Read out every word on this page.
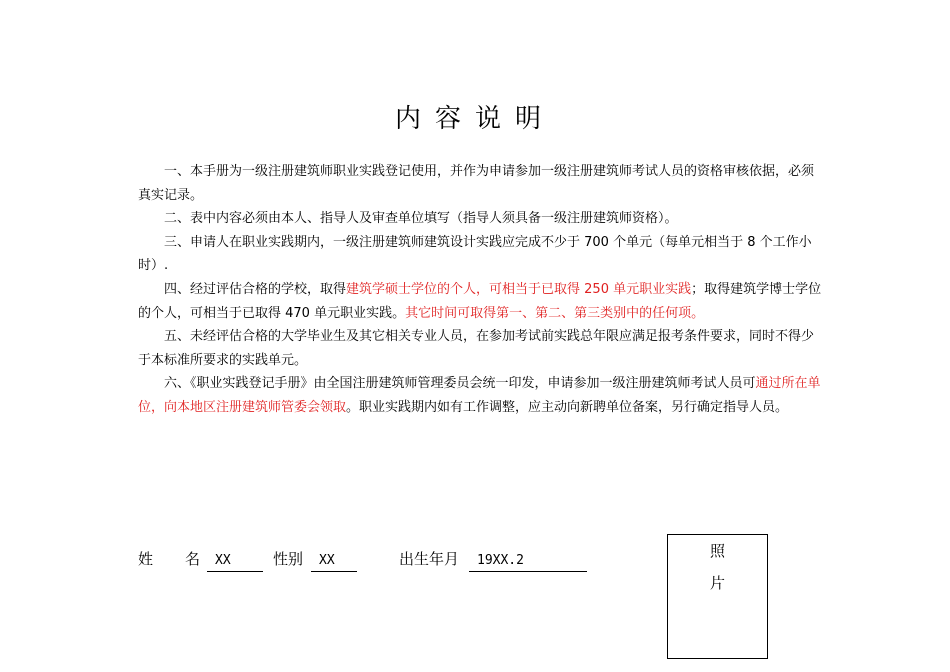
内容说明

一、本手册为一级注册建筑师职业实践登记使用，并作为申请参加一级注册建筑师考试人员的资格审核依据，必须真实记录。

二、表中内容必须由本人、指导人及审查单位填写（指导人须具备一级注册建筑师资格）。

三、申请人在职业实践期内，一级注册建筑师建筑设计实践应完成不少于 700 个单元（每单元相当于 8 个工作小时）.

四、经过评估合格的学校，取得建筑学硕士学位的个人，可相当于已取得 250 单元职业实践；取得建筑学博士学位的个人，可相当于已取得 470 单元职业实践。其它时间可取得第一、第二、第三类别中的任何项。

五、未经评估合格的大学毕业生及其它相关专业人员，在参加考试前实践总年限应满足报考条件要求，同时不得少于本标准所要求的实践单元。

六、《职业实践登记手册》由全国注册建筑师管理委员会统一印发，申请参加一级注册建筑师考试人员可通过所在单位，向本地区注册建筑师管委会领取。职业实践期内如有工作调整，应主动向新聘单位备案，另行确定指导人员。

姓 名	XX	性别	XX	出生年月	19XX.2
照
片
